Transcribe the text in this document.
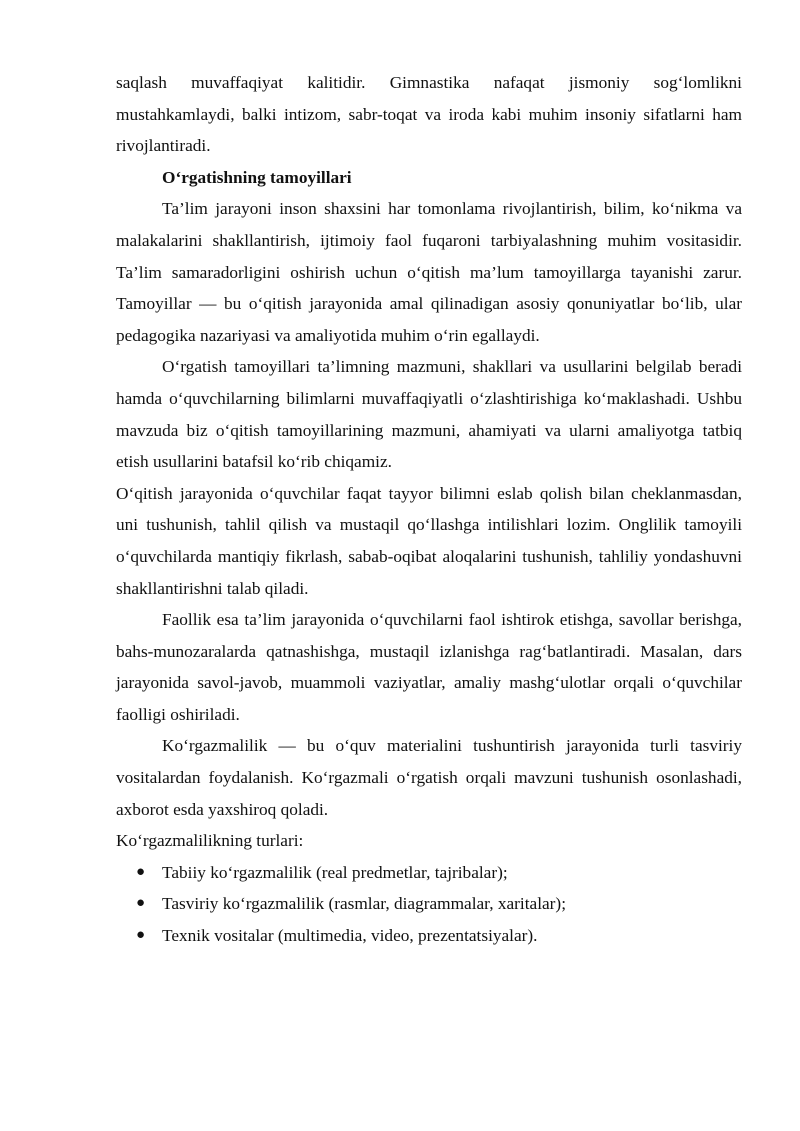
saqlash muvaffaqiyat kalitidir. Gimnastika nafaqat jismoniy sog‘lomlikni mustahkamlaydi, balki intizom, sabr-toqat va iroda kabi muhim insoniy sifatlarni ham rivojlantiradi.

O‘rgatishning tamoyillari

Ta’lim jarayoni inson shaxsini har tomonlama rivojlantirish, bilim, ko‘nikma va malakalarini shakllantirish, ijtimoiy faol fuqaroni tarbiyalashning muhim vositasidir. Ta’lim samaradorligini oshirish uchun o‘qitish ma’lum tamoyillarga tayanishi zarur. Tamoyillar — bu o‘qitish jarayonida amal qilinadigan asosiy qonuniyatlar bo‘lib, ular pedagogika nazariyasi va amaliyotida muhim o‘rin egallaydi.

O‘rgatish tamoyillari ta’limning mazmuni, shakllari va usullarini belgilab beradi hamda o‘quvchilarning bilimlarni muvaffaqiyatli o‘zlashtirishiga ko‘maklashadi. Ushbu mavzuda biz o‘qitish tamoyillarining mazmuni, ahamiyati va ularni amaliyotga tatbiq etish usullarini batafsil ko‘rib chiqamiz.

O‘qitish jarayonida o‘quvchilar faqat tayyor bilimni eslab qolish bilan cheklanmasdan, uni tushunish, tahlil qilish va mustaqil qo‘llashga intilishlari lozim. Onglilik tamoyili o‘quvchilarda mantiqiy fikrlash, sabab-oqibat aloqalarini tushunish, tahliliy yondashuvni shakllantirishni talab qiladi.

Faollik esa ta’lim jarayonida o‘quvchilarni faol ishtirok etishga, savollar berishga, bahs-munozaralarda qatnashishga, mustaqil izlanishga rag‘batlantiradi. Masalan, dars jarayonida savol-javob, muammoli vaziyatlar, amaliy mashg‘ulotlar orqali o‘quvchilar faolligi oshiriladi.

Ko‘rgazmalilik — bu o‘quv materialini tushuntirish jarayonida turli tasviriy vositalardan foydalanish. Ko‘rgazmali o‘rgatish orqali mavzuni tushunish osonlashadi, axborot esda yaxshiroq qoladi.

Ko‘rgazmalilikning turlari:

● Tabiiy ko‘rgazmalilik (real predmetlar, tajribalar);
● Tasviriy ko‘rgazmalilik (rasmlar, diagrammalar, xaritalar);
● Texnik vositalar (multimedia, video, prezentatsiyalar).
